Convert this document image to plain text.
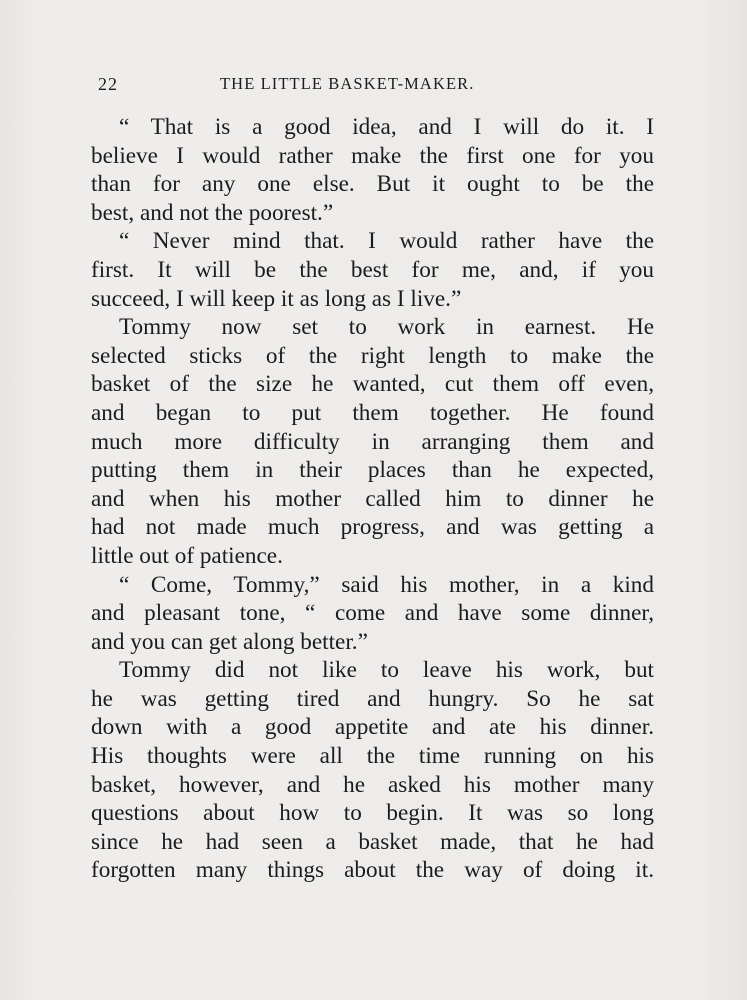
22	THE LITTLE BASKET-MAKER.
“ That is a good idea, and I will do it. I
believe I would rather make the first one for you
than for any one else. But it ought to be the
best, and not the poorest.”
“ Never mind that. I would rather have the
first. It will be the best for me, and, if you
succeed, I will keep it as long as I live.”
Tommy now set to work in earnest. He
selected sticks of the right length to make the
basket of the size he wanted, cut them off even,
and began to put them together. He found
much more difficulty in arranging them and
putting them in their places than he expected,
and when his mother called him to dinner he
had not made much progress, and was getting a
little out of patience.
“ Come, Tommy,” said his mother, in a kind
and pleasant tone, “ come and have some dinner,
and you can get along better.”
Tommy did not like to leave his work, but
he was getting tired and hungry. So he sat
down with a good appetite and ate his dinner.
His thoughts were all the time running on his
basket, however, and he asked his mother many
questions about how to begin. It was so long
since he had seen a basket made, that he had
forgotten many things about the way of doing it.
